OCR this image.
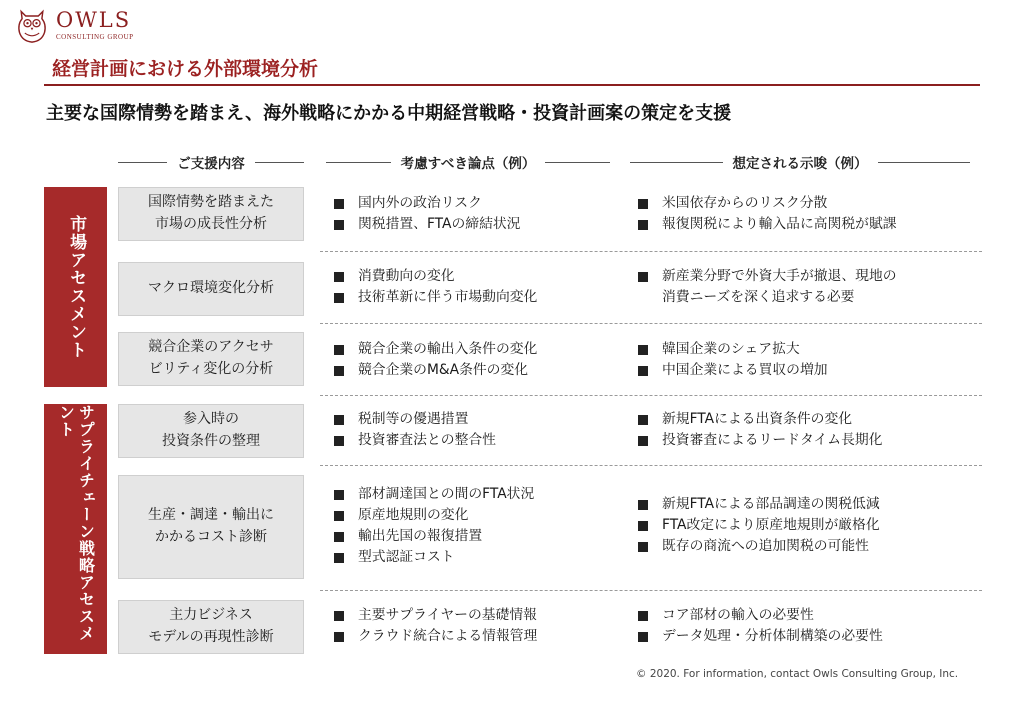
OWLS
CONSULTING GROUP
経営計画における外部環境分析
主要な国際情勢を踏まえ、海外戦略にかかる中期経営戦略・投資計画案の策定を支援
ご支援内容	考慮すべき論点（例）	想定される示唆（例）
市場アセスメント
サプライチェーン戦略アセスメント
国際情勢を踏まえた
市場の成長性分析
マクロ環境変化分析
競合企業のアクセサ
ビリティ変化の分析
参入時の
投資条件の整理
生産・調達・輸出に
かかるコスト診断
主力ビジネス
モデルの再現性診断
国内外の政治リスク
関税措置、FTAの締結状況
米国依存からのリスク分散
報復関税により輸入品に高関税が賦課
消費動向の変化
技術革新に伴う市場動向変化
新産業分野で外資大手が撤退、現地の
消費ニーズを深く追求する必要
競合企業の輸出入条件の変化
競合企業のM&A条件の変化
韓国企業のシェア拡大
中国企業による買収の増加
税制等の優遇措置
投資審査法との整合性
新規FTAによる出資条件の変化
投資審査によるリードタイム長期化
部材調達国との間のFTA状況
原産地規則の変化
輸出先国の報復措置
型式認証コスト
新規FTAによる部品調達の関税低減
FTA改定により原産地規則が厳格化
既存の商流への追加関税の可能性
主要サプライヤーの基礎情報
クラウド統合による情報管理
コア部材の輸入の必要性
データ処理・分析体制構築の必要性
© 2020. For information, contact Owls Consulting Group, Inc.
